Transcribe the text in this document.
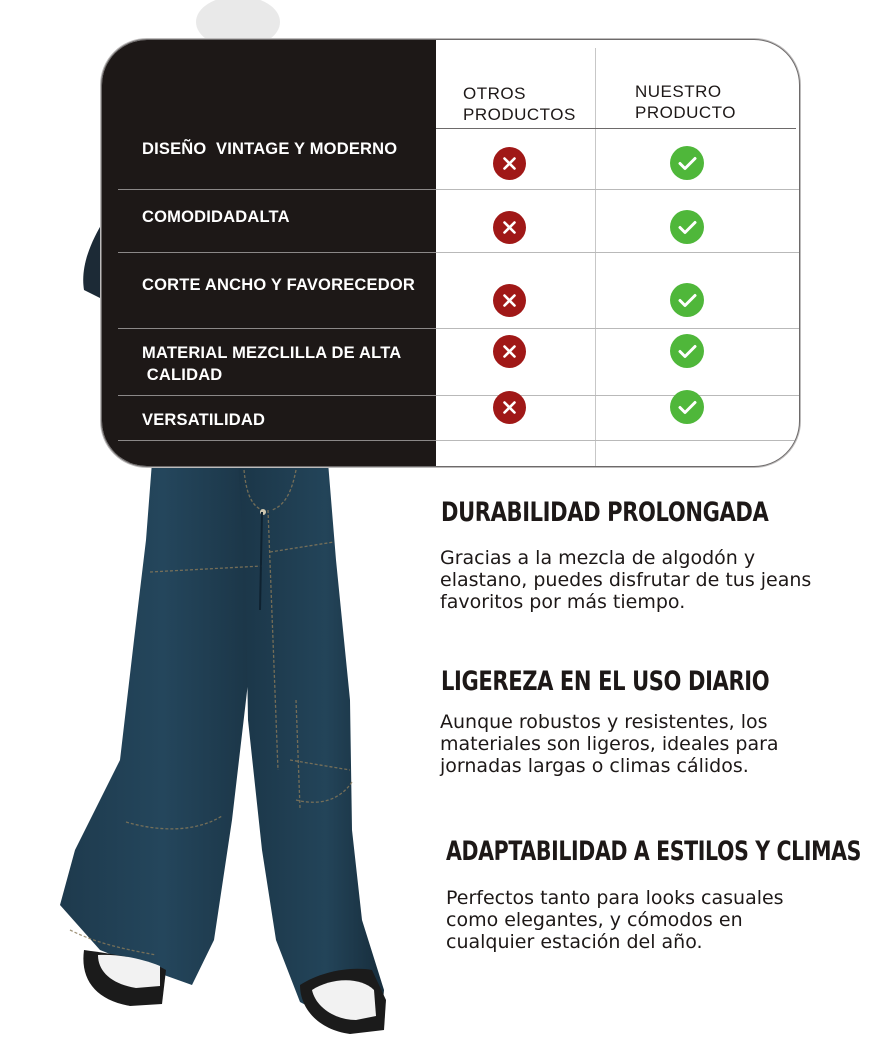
OTROS
PRODUCTOS
NUESTRO
PRODUCTO
DISEÑO  VINTAGE Y MODERNO
COMODIDADALTA
CORTE ANCHO Y FAVORECEDOR
MATERIAL MEZCLILLA DE ALTA
CALIDAD
VERSATILIDAD
DURABILIDAD PROLONGADA
Gracias a la mezcla de algodón y
elastano, puedes disfrutar de tus jeans
favoritos por más tiempo.
LIGEREZA EN EL USO DIARIO
Aunque robustos y resistentes, los
materiales son ligeros, ideales para
jornadas largas o climas cálidos.
ADAPTABILIDAD A ESTILOS Y CLIMAS
Perfectos tanto para looks casuales
como elegantes, y cómodos en
cualquier estación del año.
